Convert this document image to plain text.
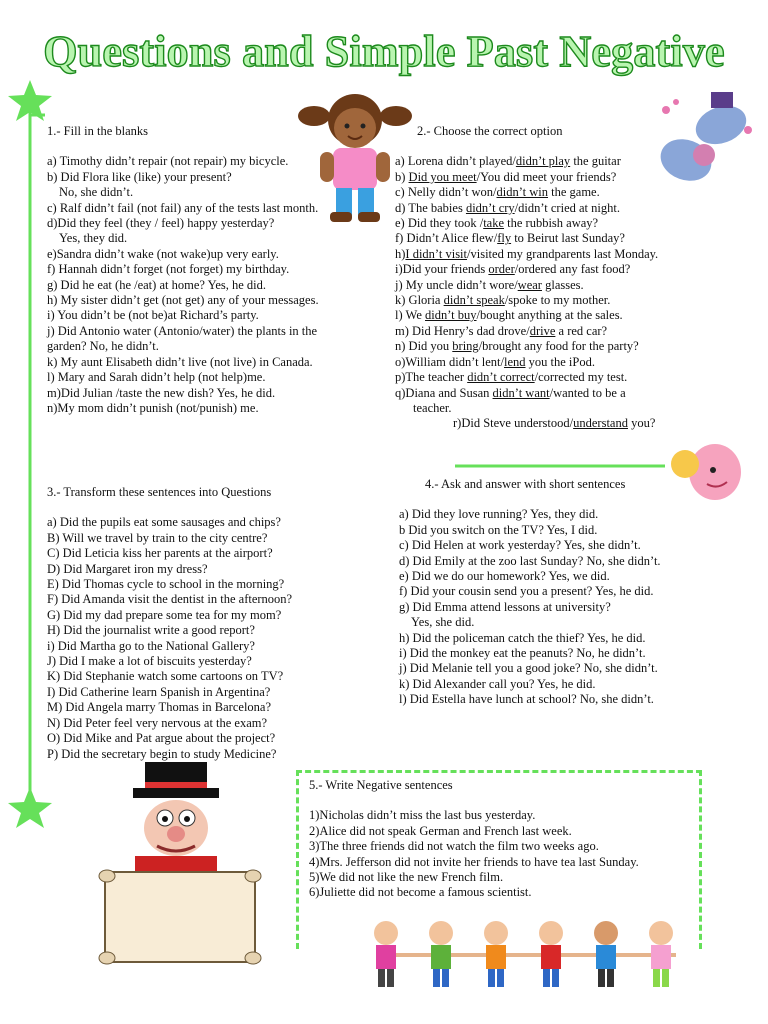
Questions and Simple Past Negative
1.- Fill in the blanks
a) Timothy didn’t repair (not repair) my bicycle.
b) Did Flora like (like) your present?
No, she didn’t.
c) Ralf didn’t fail (not fail) any of the tests last month.
d)Did they feel (they / feel) happy yesterday?
Yes, they did.
e)Sandra didn’t wake (not wake)up very early.
f) Hannah didn’t forget (not forget) my birthday.
g) Did he eat (he /eat) at home? Yes, he did.
h) My sister didn’t get (not get) any of your messages.
i) You didn’t be (not be)at Richard’s party.
j) Did Antonio water (Antonio/water) the plants in the garden? No, he didn’t.
k) My aunt Elisabeth didn’t live (not live) in Canada.
l) Mary and Sarah didn’t help (not help)me.
m)Did Julian /taste the new dish? Yes, he did.
n)My mom didn’t punish (not/punish) me.
2.- Choose the correct option
a) Lorena didn’t played/didn’t play the guitar
b) Did you meet/You did meet your friends?
c) Nelly didn’t won/didn’t win the game.
d) The babies didn’t cry/didn’t cried at night.
e) Did they took /take the rubbish away?
f) Didn’t Alice flew/fly to Beirut last Sunday?
h)I didn’t visit/visited my grandparents last Monday.
i)Did your friends order/ordered any fast food?
j) My uncle didn’t wore/wear glasses.
k) Gloria didn’t speak/spoke to my mother.
l) We didn’t buy/bought anything at the sales.
m) Did Henry’s dad drove/drive a red car?
n) Did you bring/brought any food for the party?
o)William didn’t lent/lend you the iPod.
p)The teacher didn’t correct/corrected my test.
q)Diana and Susan didn’t want/wanted to be a
teacher.
r)Did Steve understood/understand you?
3.- Transform these sentences into Questions
a) Did the pupils eat some sausages and chips?
B) Will we travel by train to the city centre?
C) Did Leticia kiss her parents at the airport?
D) Did Margaret iron my dress?
E) Did Thomas cycle to school in the morning?
F) Did Amanda visit the dentist in the afternoon?
G) Did my dad prepare some tea for my mom?
H) Did the journalist write a good report?
i) Did Martha go to the National Gallery?
J) Did I make a lot of biscuits yesterday?
K) Did Stephanie watch some cartoons on TV?
I) Did Catherine learn Spanish in Argentina?
M) Did Angela marry Thomas in Barcelona?
N) Did Peter feel very nervous at the exam?
O) Did Mike and Pat argue about the project?
P) Did the secretary begin to study Medicine?
4.- Ask and answer with short sentences
a) Did they love running? Yes, they did.
b Did you switch on the TV? Yes, I did.
c) Did Helen at work yesterday? Yes, she didn’t.
d) Did Emily at the zoo last Sunday? No, she didn’t.
e) Did we do our homework? Yes, we did.
f) Did your cousin send you a present? Yes, he did.
g) Did Emma attend lessons at university?
Yes, she did.
h) Did the policeman catch the thief? Yes, he did.
i) Did the monkey eat the peanuts? No, he didn’t.
j) Did Melanie tell you a good joke? No, she didn’t.
k) Did Alexander call you? Yes, he did.
l) Did Estella have lunch at school? No, she didn’t.
5.- Write Negative sentences
1)Nicholas didn’t miss the last bus yesterday.
2)Alice did not speak German and French last week.
3)The three friends did not watch the film two weeks ago.
4)Mrs. Jefferson did not invite her friends to have tea last Sunday.
5)We did not like the new French film.
6)Juliette did not become a famous scientist.
